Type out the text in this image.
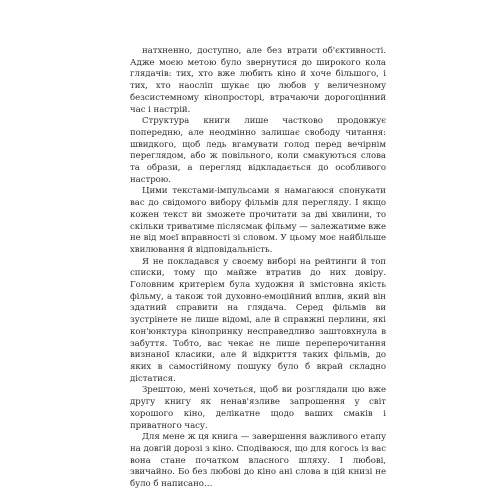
натхненно, доступно, але без втрати об'єктивності. Адже моєю метою було звернутися до широкого кола глядачів: тих, хто вже любить кіно й хоче більшого, і тих, хто наосліп шукає цю любов у величезному безсистемному кінопросторі, втрачаючи дорогоцінний час і настрій.

Структура книги лише частково продовжує попередню, але неодмінно залишає свободу читання: швидкого, щоб ледь вгамувати голод перед вечірнім переглядом, або ж повільного, коли смакуються слова та образи, а перегляд відкладається до особливого настрою.

Цими текстами-імпульсами я намагаюся спонукати вас до свідомого вибору фільмів для перегляду. І якщо кожен текст ви зможете прочитати за дві хвилини, то скільки триватиме післясмак фільму — залежатиме вже не від моєї вправності зі словом. У цьому моє найбільше хвилювання й відповідальність.

Я не покладався у своєму виборі на рейтинги й топ списки, тому що майже втратив до них довіру. Головним критерієм була художня й змістовна якість фільму, а також той духовно-емоційний вплив, який він здатний справити на глядача. Серед фільмів ви зустрінете не лише відомі, але й справжні перлини, які кон'юнктура кінопринку несправедливо заштовхнула в забуття. Тобто, вас чекає не лише переперочитання визнаної класики, але й відкриття таких фільмів, до яких в самостійному пошуку було б вкрай складно дістатися.

Зрештою, мені хочеться, щоб ви розглядали цю вже другу книгу як ненав'язливе запрошення у світ хорошого кіно, делікатне щодо ваших смаків і приватного часу.

Для мене ж ця книга — завершення важливого етапу на довгій дорозі з кіно. Сподіваюся, що для когось із вас вона стане початком власного шляху. І любові, звичайно. Бо без любові до кіно ані слова в цій книзі не було б написано…
